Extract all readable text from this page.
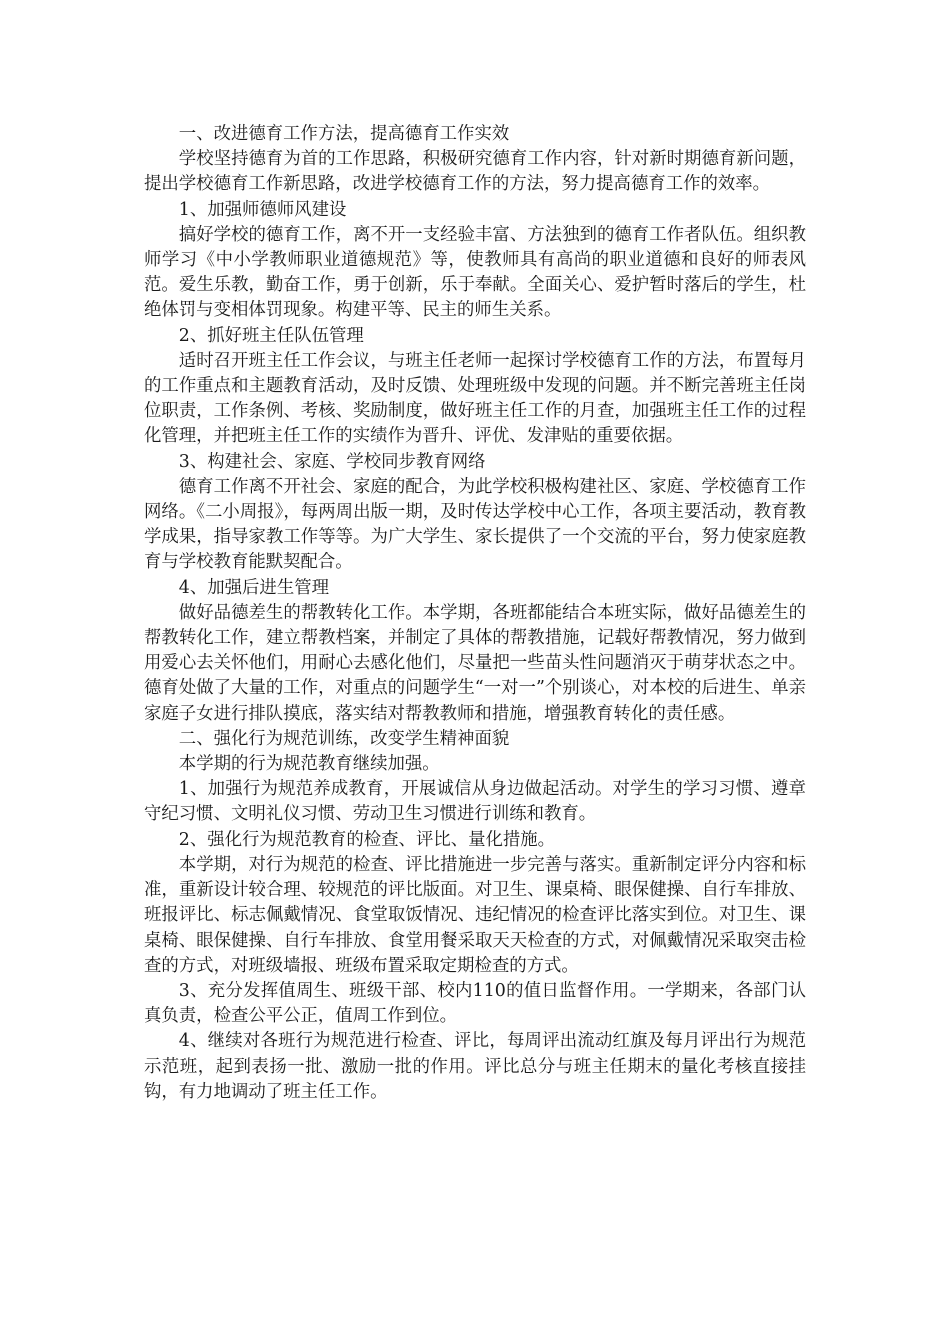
一、改进德育工作方法，提高德育工作实效

学校坚持德育为首的工作思路，积极研究德育工作内容，针对新时期德育新问题，提出学校德育工作新思路，改进学校德育工作的方法，努力提高德育工作的效率。

1、加强师德师风建设

搞好学校的德育工作，离不开一支经验丰富、方法独到的德育工作者队伍。组织教师学习《中小学教师职业道德规范》等，使教师具有高尚的职业道德和良好的师表风范。爱生乐教，勤奋工作，勇于创新，乐于奉献。全面关心、爱护暂时落后的学生，杜绝体罚与变相体罚现象。构建平等、民主的师生关系。

2、抓好班主任队伍管理

适时召开班主任工作会议，与班主任老师一起探讨学校德育工作的方法，布置每月的工作重点和主题教育活动，及时反馈、处理班级中发现的问题。并不断完善班主任岗位职责，工作条例、考核、奖励制度，做好班主任工作的月查，加强班主任工作的过程化管理，并把班主任工作的实绩作为晋升、评优、发津贴的重要依据。

3、构建社会、家庭、学校同步教育网络

德育工作离不开社会、家庭的配合，为此学校积极构建社区、家庭、学校德育工作网络。《二小周报》，每两周出版一期，及时传达学校中心工作，各项主要活动，教育教学成果，指导家教工作等等。为广大学生、家长提供了一个交流的平台，努力使家庭教育与学校教育能默契配合。

4、加强后进生管理

做好品德差生的帮教转化工作。本学期，各班都能结合本班实际，做好品德差生的帮教转化工作，建立帮教档案，并制定了具体的帮教措施，记载好帮教情况，努力做到用爱心去关怀他们，用耐心去感化他们，尽量把一些苗头性问题消灭于萌芽状态之中。德育处做了大量的工作，对重点的问题学生“一对一”个别谈心，对本校的后进生、单亲家庭子女进行排队摸底，落实结对帮教教师和措施，增强教育转化的责任感。

二、强化行为规范训练，改变学生精神面貌

本学期的行为规范教育继续加强。

1、加强行为规范养成教育，开展诚信从身边做起活动。对学生的学习习惯、遵章守纪习惯、文明礼仪习惯、劳动卫生习惯进行训练和教育。

2、强化行为规范教育的检查、评比、量化措施。

本学期，对行为规范的检查、评比措施进一步完善与落实。重新制定评分内容和标准，重新设计较合理、较规范的评比版面。对卫生、课桌椅、眼保健操、自行车排放、班报评比、标志佩戴情况、食堂取饭情况、违纪情况的检查评比落实到位。对卫生、课桌椅、眼保健操、自行车排放、食堂用餐采取天天检查的方式，对佩戴情况采取突击检查的方式，对班级墙报、班级布置采取定期检查的方式。

3、充分发挥值周生、班级干部、校内110的值日监督作用。一学期来，各部门认真负责，检查公平公正，值周工作到位。

4、继续对各班行为规范进行检查、评比，每周评出流动红旗及每月评出行为规范示范班，起到表扬一批、激励一批的作用。评比总分与班主任期末的量化考核直接挂钩，有力地调动了班主任工作。
